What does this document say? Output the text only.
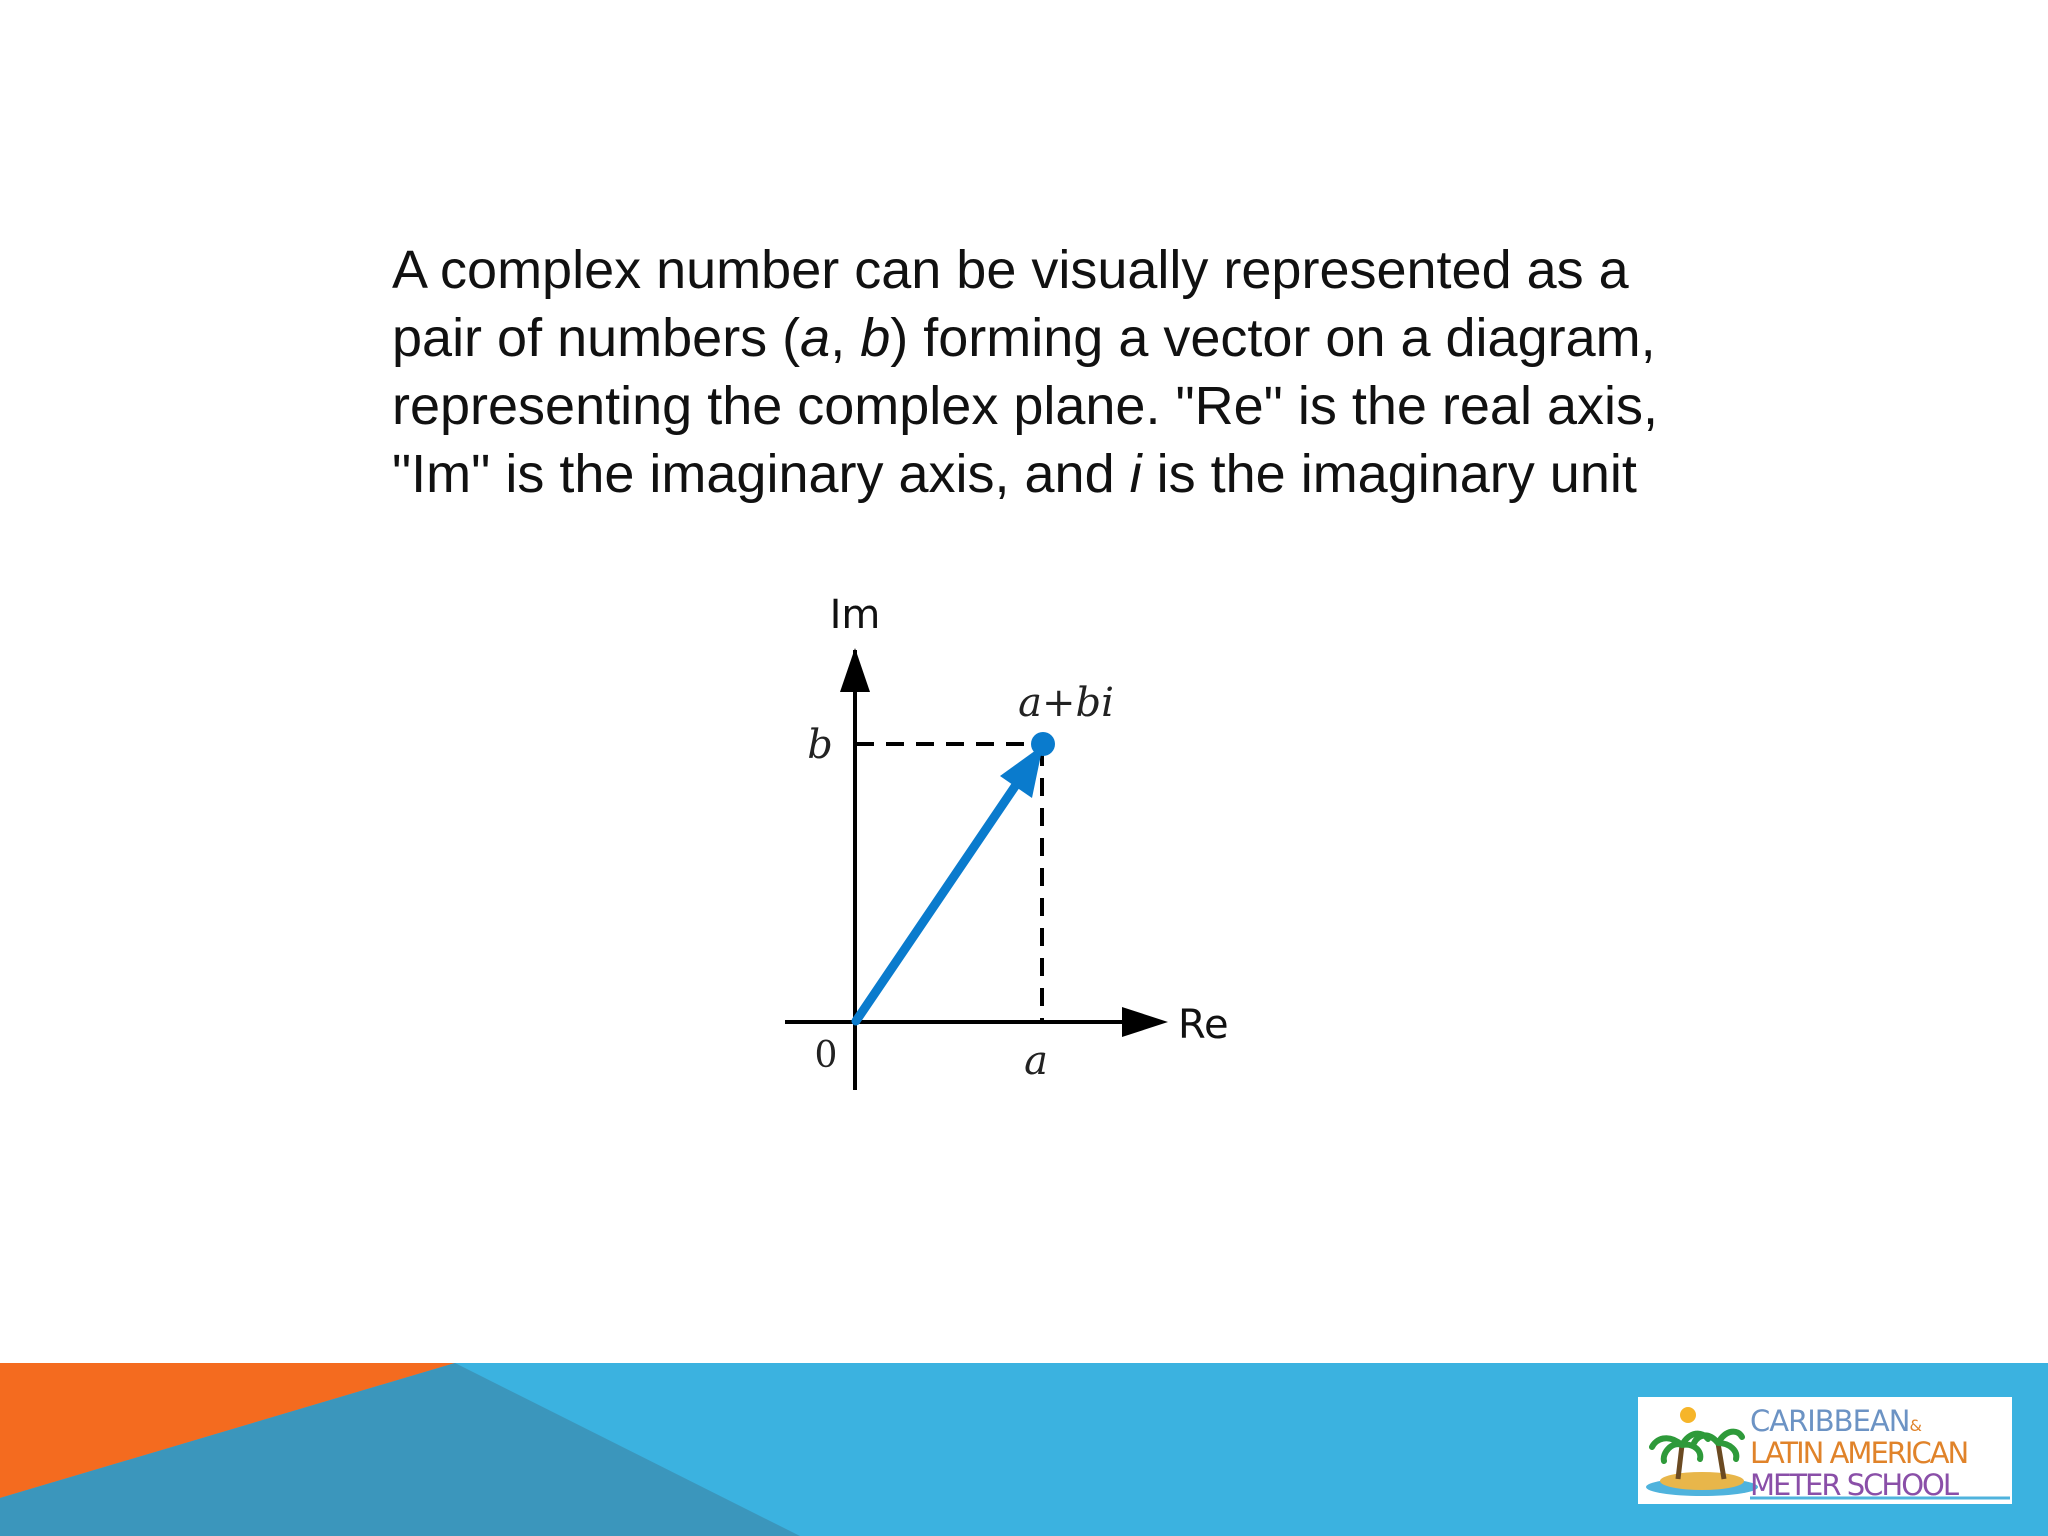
A complex number can be visually represented as a pair of numbers (a, b) forming a vector on a diagram, representing the complex plane. "Re" is the real axis, "Im" is the imaginary axis, and i is the imaginary unit

Im
Re
0	a
b
a+bi
CARIBBEAN&
LATIN AMERICAN
METER SCHOOL
